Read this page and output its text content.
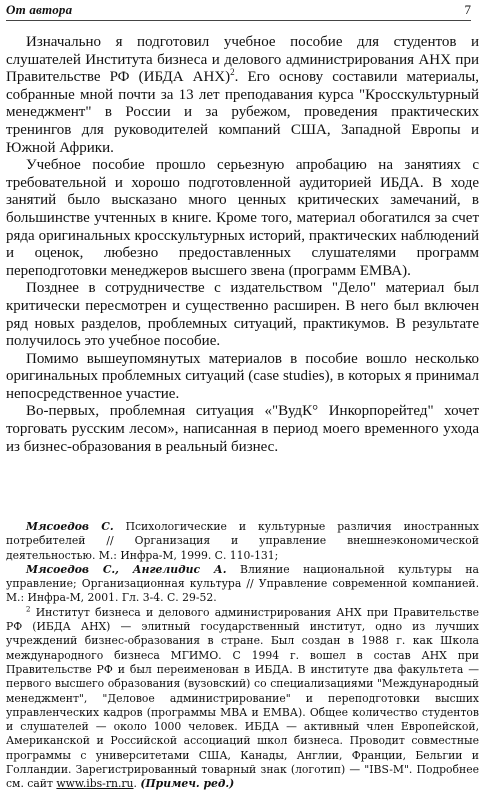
От автора	7

Изначально я подготовил учебное пособие для студентов и слушателей Института бизнеса и делового администрирования АНХ при Правительстве РФ (ИБДА АНХ)$^2$. Его основу составили материалы, собранные мной почти за 13 лет преподавания курса "Кросскультурный менеджмент" в России и за рубежом, проведения практических тренингов для руководителей компаний США, Западной Европы и Южной Африки.

Учебное пособие прошло серьезную апробацию на занятиях с требовательной и хорошо подготовленной аудиторией ИБДА. В ходе занятий было высказано много ценных критических замечаний, в большинстве учтенных в книге. Кроме того, материал обогатился за счет ряда оригинальных кросскультурных историй, практических наблюдений и оценок, любезно предоставленных слушателями программ переподготовки менеджеров высшего звена (программ ЕМВА).

Позднее в сотрудничестве с издательством "Дело" материал был критически пересмотрен и существенно расширен. В него был включен ряд новых разделов, проблемных ситуаций, практикумов. В результате получилось это учебное пособие.

Помимо вышеупомянутых материалов в пособие вошло несколько оригинальных проблемных ситуаций (case studies), в которых я принимал непосредственное участие.

Во-первых, проблемная ситуация «"ВудК° Инкорпорейтед" хочет торговать русским лесом», написанная в период моего временного ухода из бизнес-образования в реальный бизнес.

Мясоедов С. Психологические и культурные различия иностранных потребителей // Организация и управление внешнеэкономической деятельностью. М.: Инфра-М, 1999. С. 110-131;

Мясоедов С., Ангелидис А. Влияние национальной культуры на управление; Организационная культура // Управление современной компанией. М.: Инфра-М, 2001. Гл. 3-4. С. 29-52.

$^2$ Институт бизнеса и делового администрирования АНХ при Правительстве РФ (ИБДА АНХ) — элитный государственный институт, одно из лучших учреждений бизнес-образования в стране. Был создан в 1988 г. как Школа международного бизнеса МГИМО. С 1994 г. вошел в состав АНХ при Правительстве РФ и был переименован в ИБДА. В институте два факультета — первого высшего образования (вузовский) со специализациями "Международный менеджмент", "Деловое администрирование" и переподготовки высших управленческих кадров (программы МВА и ЕМВА). Общее количество студентов и слушателей — около 1000 человек. ИБДА — активный член Европейской, Американской и Российской ассоциаций школ бизнеса. Проводит совместные программы с университетами США, Канады, Англии, Франции, Бельгии и Голландии. Зарегистрированный товарный знак (логотип) — "IBS-M". Подробнее см. сайт www.ibs-rn.ru. (Примеч. ред.)
